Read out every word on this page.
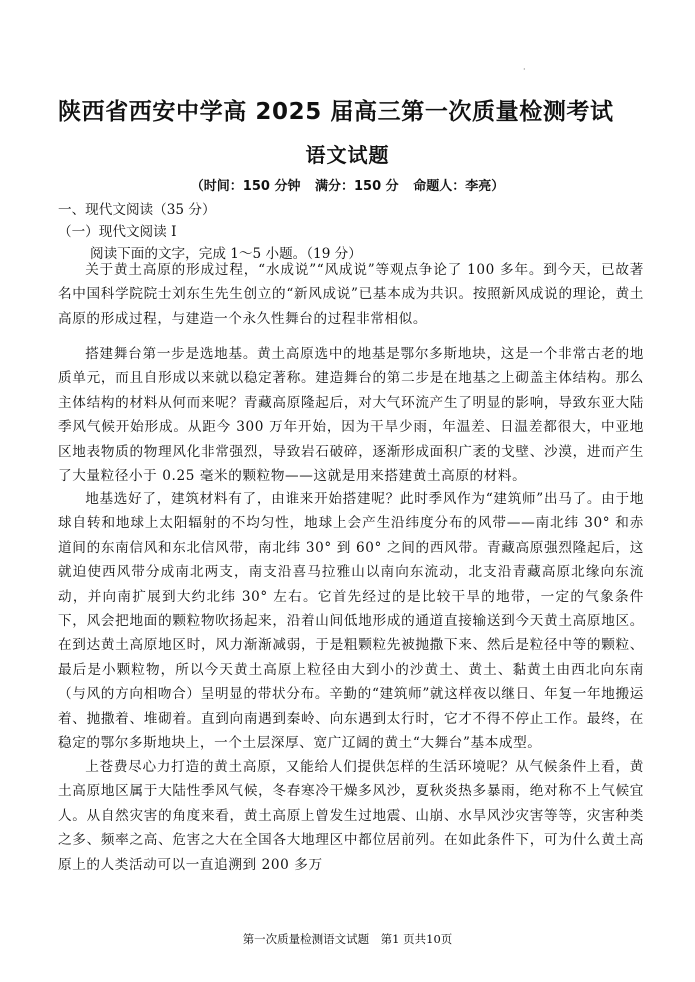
·
陕西省西安中学高 2025 届高三第一次质量检测考试
语文试题
（时间：150 分钟 满分：150 分 命题人：李亮）
一、现代文阅读（35 分）
（一）现代文阅读 I
阅读下面的文字，完成 1～5 小题。（19 分）
关于黄土高原的形成过程，“水成说”“风成说”等观点争论了 100 多年。到今天，已故著名中国科学院院士刘东生先生创立的“新风成说”已基本成为共识。按照新风成说的理论，黄土高原的形成过程，与建造一个永久性舞台的过程非常相似。
搭建舞台第一步是选地基。黄土高原选中的地基是鄂尔多斯地块，这是一个非常古老的地质单元，而且自形成以来就以稳定著称。建造舞台的第二步是在地基之上砌盖主体结构。那么主体结构的材料从何而来呢？青藏高原隆起后，对大气环流产生了明显的影响，导致东亚大陆季风气候开始形成。从距今 300 万年开始，因为干旱少雨，年温差、日温差都很大，中亚地区地表物质的物理风化非常强烈，导致岩石破碎，逐渐形成面积广袤的戈壁、沙漠，进而产生了大量粒径小于 0.25 毫米的颗粒物——这就是用来搭建黄土高原的材料。
地基选好了，建筑材料有了，由谁来开始搭建呢？此时季风作为“建筑师”出马了。由于地球自转和地球上太阳辐射的不均匀性，地球上会产生沿纬度分布的风带——南北纬 30° 和赤道间的东南信风和东北信风带，南北纬 30° 到 60° 之间的西风带。青藏高原强烈隆起后，这就迫使西风带分成南北两支，南支沿喜马拉雅山以南向东流动，北支沿青藏高原北缘向东流动，并向南扩展到大约北纬 30° 左右。它首先经过的是比较干旱的地带，一定的气象条件下，风会把地面的颗粒物吹扬起来，沿着山间低地形成的通道直接输送到今天黄土高原地区。在到达黄土高原地区时，风力渐渐减弱，于是粗颗粒先被抛撒下来、然后是粒径中等的颗粒、最后是小颗粒物，所以今天黄土高原上粒径由大到小的沙黄土、黄土、黏黄土由西北向东南（与风的方向相吻合）呈明显的带状分布。辛勤的“建筑师”就这样夜以继日、年复一年地搬运着、抛撒着、堆砌着。直到向南遇到秦岭、向东遇到太行时，它才不得不停止工作。最终，在稳定的鄂尔多斯地块上，一个土层深厚、宽广辽阔的黄土“大舞台”基本成型。
上苍费尽心力打造的黄土高原，又能给人们提供怎样的生活环境呢？从气候条件上看，黄土高原地区属于大陆性季风气候，冬春寒冷干燥多风沙，夏秋炎热多暴雨，绝对称不上气候宜人。从自然灾害的角度来看，黄土高原上曾发生过地震、山崩、水旱风沙灾害等等，灾害种类之多、频率之高、危害之大在全国各大地理区中都位居前列。在如此条件下，可为什么黄土高原上的人类活动可以一直追溯到 200 多万
第一次质量检测语文试题　第1 页共10页
